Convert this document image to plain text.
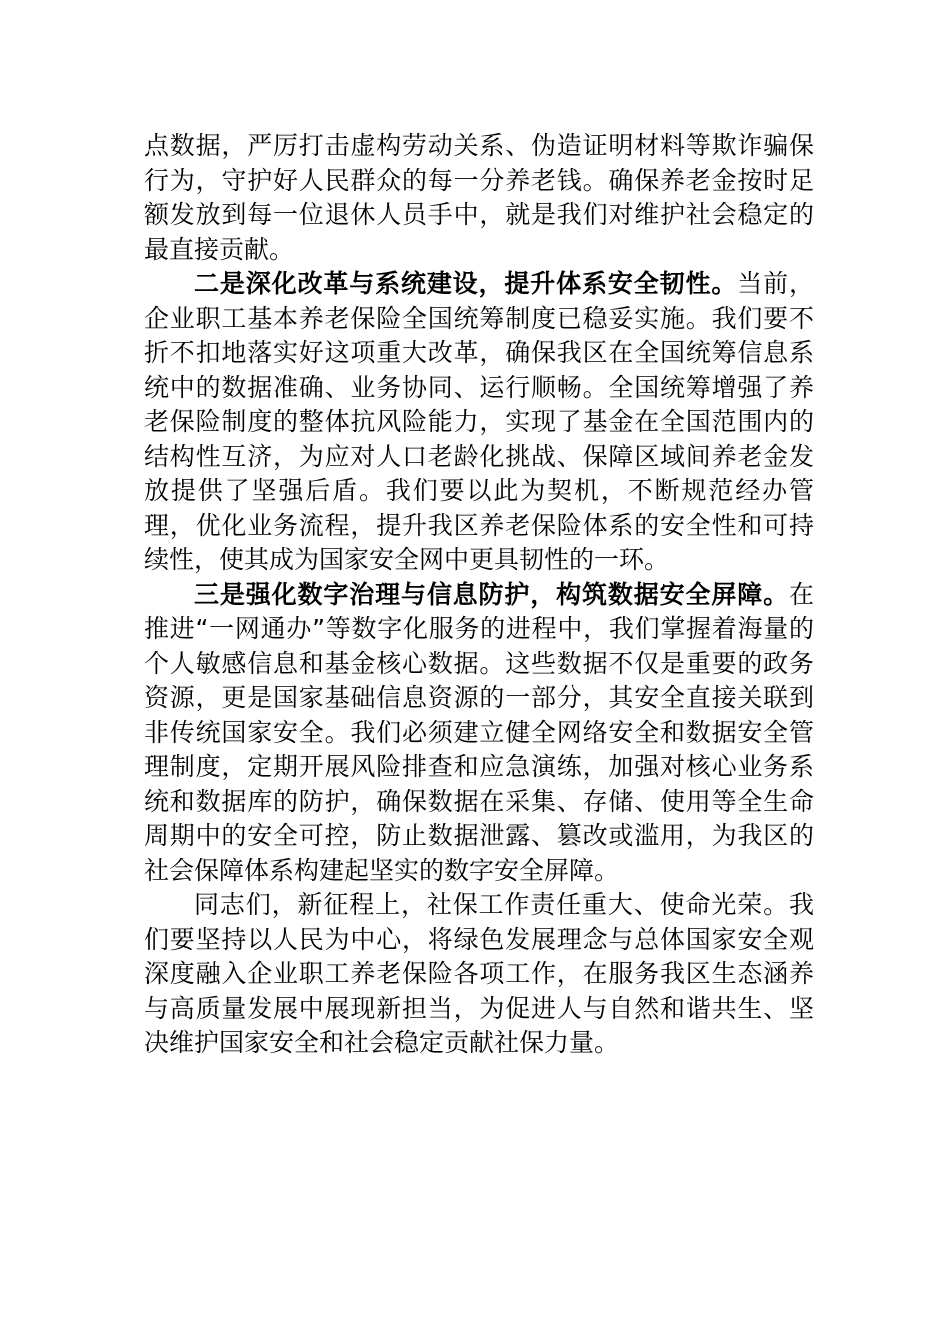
点数据，严厉打击虚构劳动关系、伪造证明材料等欺诈骗保行为，守护好人民群众的每一分养老钱。确保养老金按时足额发放到每一位退休人员手中，就是我们对维护社会稳定的最直接贡献。

二是深化改革与系统建设，提升体系安全韧性。当前，企业职工基本养老保险全国统筹制度已稳妥实施。我们要不折不扣地落实好这项重大改革，确保我区在全国统筹信息系统中的数据准确、业务协同、运行顺畅。全国统筹增强了养老保险制度的整体抗风险能力，实现了基金在全国范围内的结构性互济，为应对人口老龄化挑战、保障区域间养老金发放提供了坚强后盾。我们要以此为契机，不断规范经办管理，优化业务流程，提升我区养老保险体系的安全性和可持续性，使其成为国家安全网中更具韧性的一环。

三是强化数字治理与信息防护，构筑数据安全屏障。在推进“一网通办”等数字化服务的进程中，我们掌握着海量的个人敏感信息和基金核心数据。这些数据不仅是重要的政务资源，更是国家基础信息资源的一部分，其安全直接关联到非传统国家安全。我们必须建立健全网络安全和数据安全管理制度，定期开展风险排查和应急演练，加强对核心业务系统和数据库的防护，确保数据在采集、存储、使用等全生命周期中的安全可控，防止数据泄露、篡改或滥用，为我区的社会保障体系构建起坚实的数字安全屏障。

同志们，新征程上，社保工作责任重大、使命光荣。我们要坚持以人民为中心，将绿色发展理念与总体国家安全观深度融入企业职工养老保险各项工作，在服务我区生态涵养与高质量发展中展现新担当，为促进人与自然和谐共生、坚决维护国家安全和社会稳定贡献社保力量。
